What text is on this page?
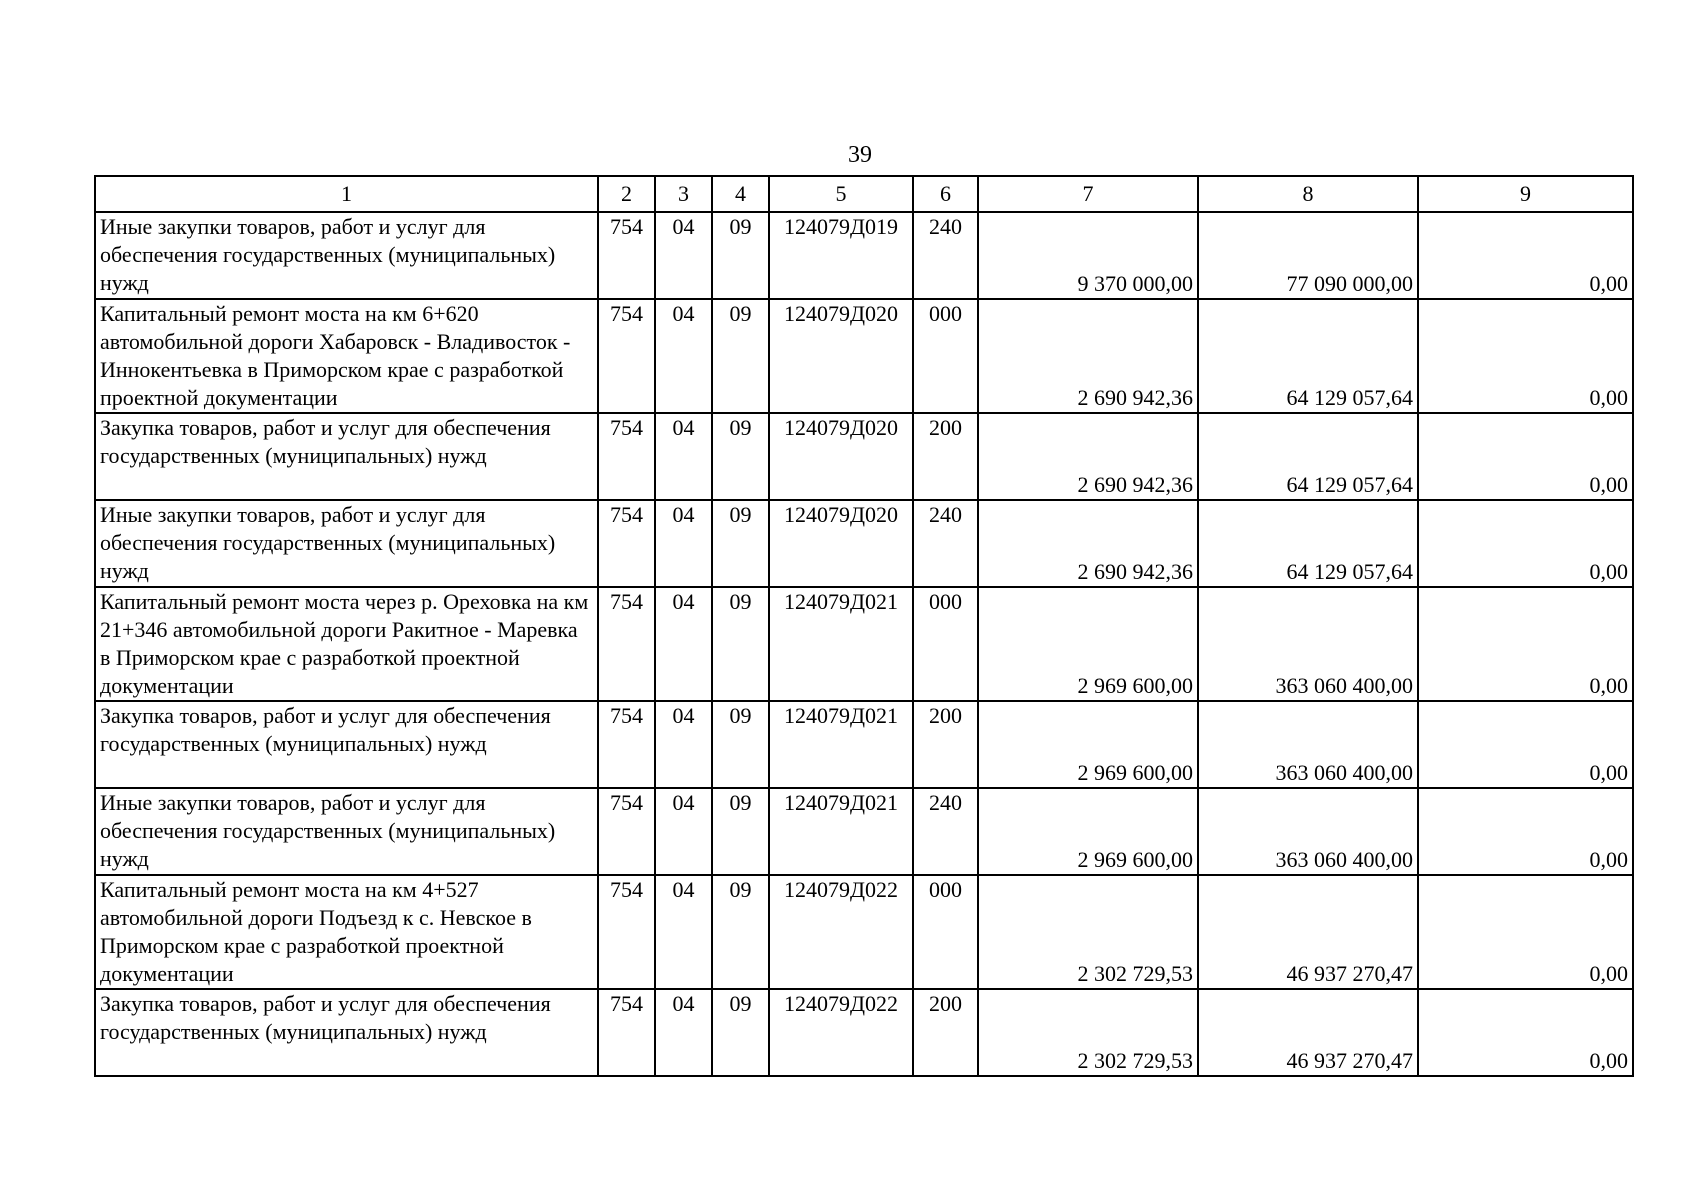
39
1	2	3	4	5	6	7	8	9
Иные закупки товаров, работ и услуг для обеспечения государственных (муниципальных) нужд	754	04	09	124079Д019	240	9 370 000,00	77 090 000,00	0,00
Капитальный ремонт моста на км 6+620 автомобильной дороги Хабаровск - Владивосток - Иннокентьевка в Приморском крае с разработкой проектной документации	754	04	09	124079Д020	000	2 690 942,36	64 129 057,64	0,00
Закупка товаров, работ и услуг для обеспечения государственных (муниципальных) нужд	754	04	09	124079Д020	200	2 690 942,36	64 129 057,64	0,00
Иные закупки товаров, работ и услуг для обеспечения государственных (муниципальных) нужд	754	04	09	124079Д020	240	2 690 942,36	64 129 057,64	0,00
Капитальный ремонт моста через р. Ореховка на км 21+346 автомобильной дороги Ракитное - Маревка в Приморском крае с разработкой проектной документации	754	04	09	124079Д021	000	2 969 600,00	363 060 400,00	0,00
Закупка товаров, работ и услуг для обеспечения государственных (муниципальных) нужд	754	04	09	124079Д021	200	2 969 600,00	363 060 400,00	0,00
Иные закупки товаров, работ и услуг для обеспечения государственных (муниципальных) нужд	754	04	09	124079Д021	240	2 969 600,00	363 060 400,00	0,00
Капитальный ремонт моста на км 4+527 автомобильной дороги Подъезд к с. Невское в Приморском крае с разработкой проектной документации	754	04	09	124079Д022	000	2 302 729,53	46 937 270,47	0,00
Закупка товаров, работ и услуг для обеспечения государственных (муниципальных) нужд	754	04	09	124079Д022	200	2 302 729,53	46 937 270,47	0,00
